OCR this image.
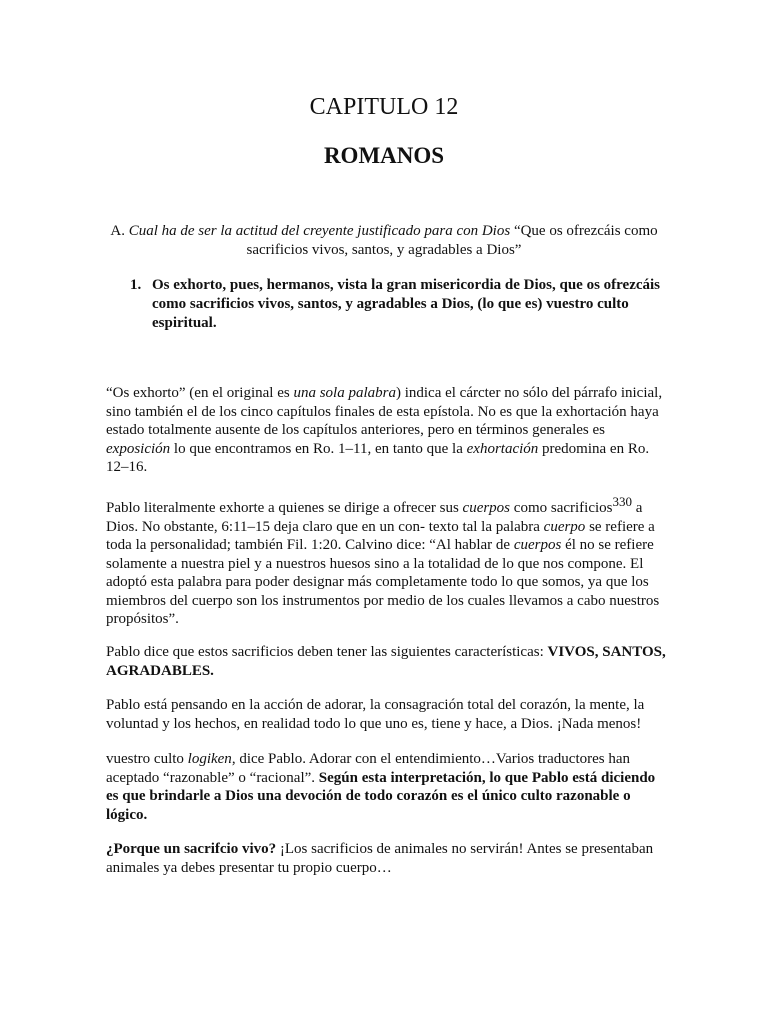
CAPITULO 12
ROMANOS

A. Cual ha de ser la actitud del creyente justificado para con Dios “Que os ofrezcáis como sacrificios vivos, santos, y agradables a Dios”

1. Os exhorto, pues, hermanos, vista la gran misericordia de Dios, que os ofrezcáis como sacrificios vivos, santos, y agradables a Dios, (lo que es) vuestro culto espiritual.

“Os exhorto” (en el original es una sola palabra) indica el cárcter no sólo del párrafo inicial, sino también el de los cinco capítulos finales de esta epístola. No es que la exhortación haya estado totalmente ausente de los capítulos anteriores, pero en términos generales es exposición lo que encontramos en Ro. 1–11, en tanto que la exhortación predomina en Ro. 12–16.

Pablo literalmente exhorte a quienes se dirige a ofrecer sus cuerpos como sacrificios330 a Dios. No obstante, 6:11–15 deja claro que en un con- texto tal la palabra cuerpo se refiere a toda la personalidad; también Fil. 1:20. Calvino dice: “Al hablar de cuerpos él no se refiere solamente a nuestra piel y a nuestros huesos sino a la totalidad de lo que nos compone. El adoptó esta palabra para poder designar más completamente todo lo que somos, ya que los miembros del cuerpo son los instrumentos por medio de los cuales llevamos a cabo nuestros propósitos”.

Pablo dice que estos sacrificios deben tener las siguientes características: VIVOS, SANTOS, AGRADABLES.

Pablo está pensando en la acción de adorar, la consagración total del corazón, la mente, la voluntad y los hechos, en realidad todo lo que uno es, tiene y hace, a Dios. ¡Nada menos!

vuestro culto logiken, dice Pablo. Adorar con el entendimiento…Varios traductores han aceptado “razonable” o “racional”. Según esta interpretación, lo que Pablo está diciendo es que brindarle a Dios una devoción de todo corazón es el único culto razonable o lógico.

¿Porque un sacrifcio vivo? ¡Los sacrificios de animales no servirán! Antes se presentaban animales ya debes presentar tu propio cuerpo…
